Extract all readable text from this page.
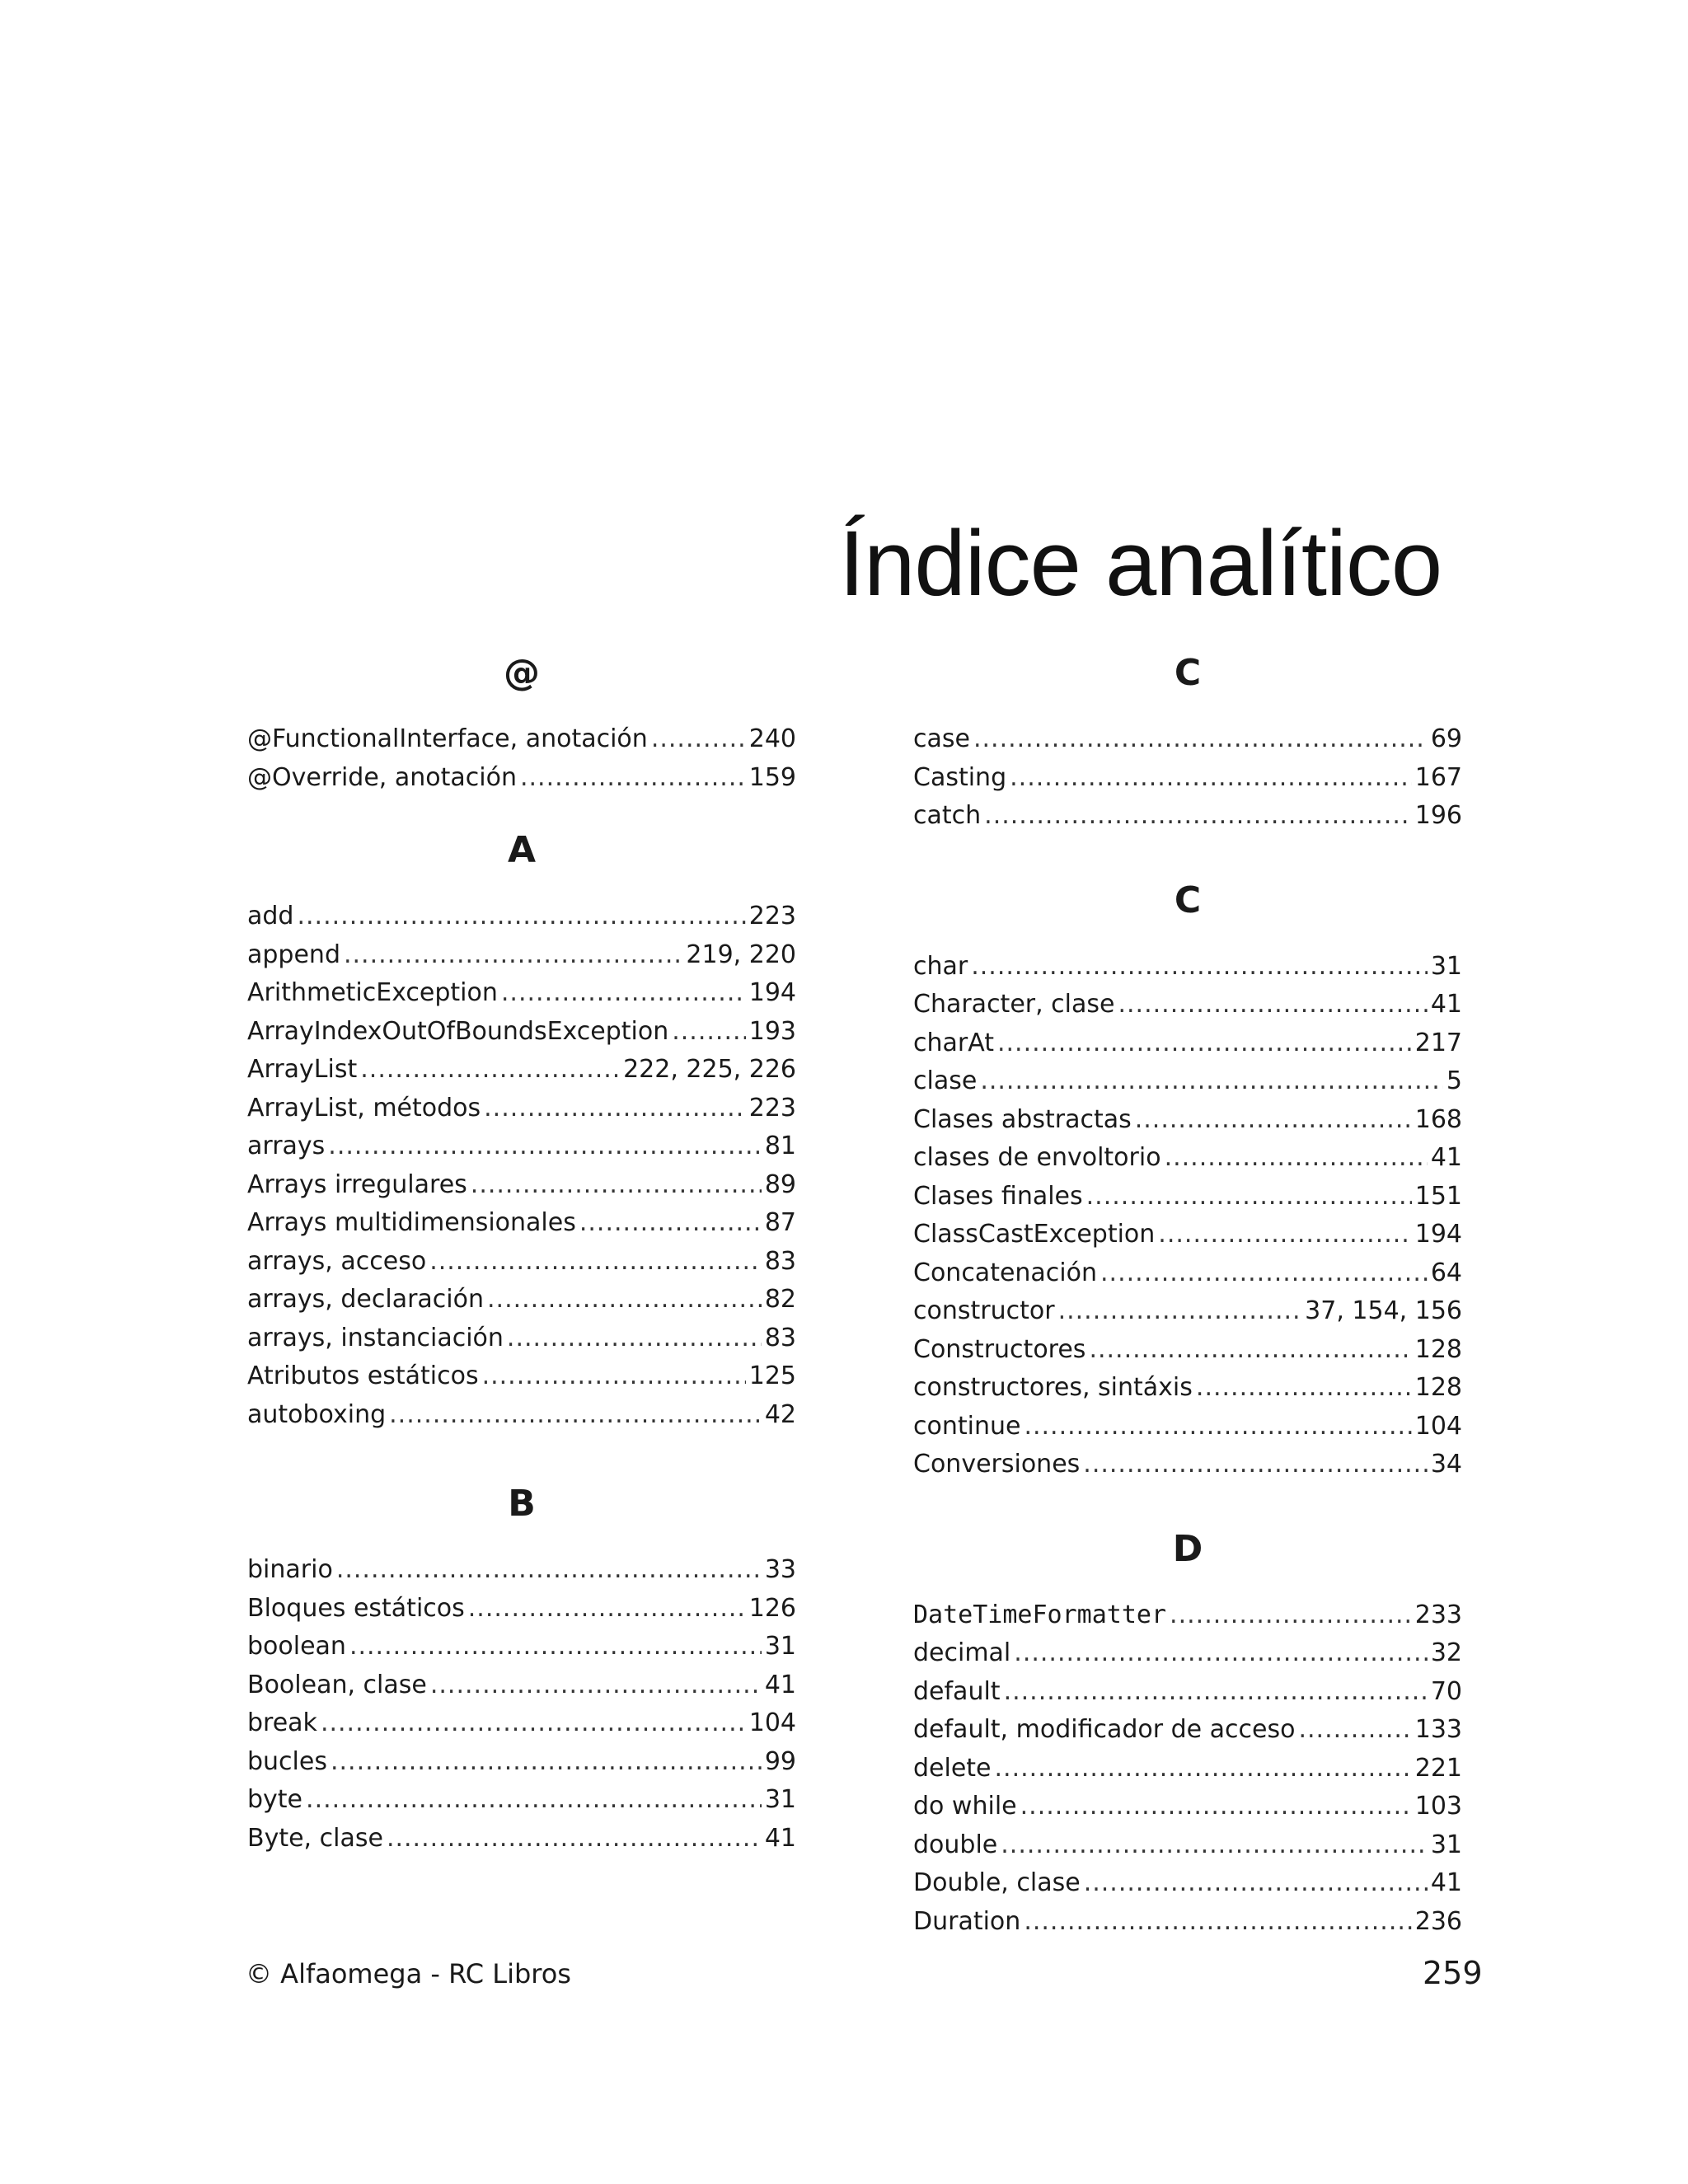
Índice analítico
@
@FunctionalInterface, anotación .....	240
@Override, anotación .....	159
A
add .....	223
append .....	219, 220
ArithmeticException .....	194
ArrayIndexOutOfBoundsException .....	193
ArrayList .....	222, 225, 226
ArrayList, métodos .....	223
arrays .....	81
Arrays irregulares .....	89
Arrays multidimensionales .....	87
arrays, acceso .....	83
arrays, declaración .....	82
arrays, instanciación .....	83
Atributos estáticos .....	125
autoboxing .....	42
B
binario .....	33
Bloques estáticos .....	126
boolean .....	31
Boolean, clase .....	41
break .....	104
bucles .....	99
byte .....	31
Byte, clase .....	41
C
case .....	69
Casting .....	167
catch .....	196
C
char .....	31
Character, clase .....	41
charAt .....	217
clase .....	5
Clases abstractas .....	168
clases de envoltorio .....	41
Clases finales .....	151
ClassCastException .....	194
Concatenación .....	64
constructor .....	37, 154, 156
Constructores .....	128
constructores, sintáxis .....	128
continue .....	104
Conversiones .....	34
D
DateTimeFormatter .....	233
decimal .....	32
default .....	70
default, modificador de acceso .....	133
delete .....	221
do while .....	103
double .....	31
Double, clase .....	41
Duration .....	236
© Alfaomega - RC Libros	259
